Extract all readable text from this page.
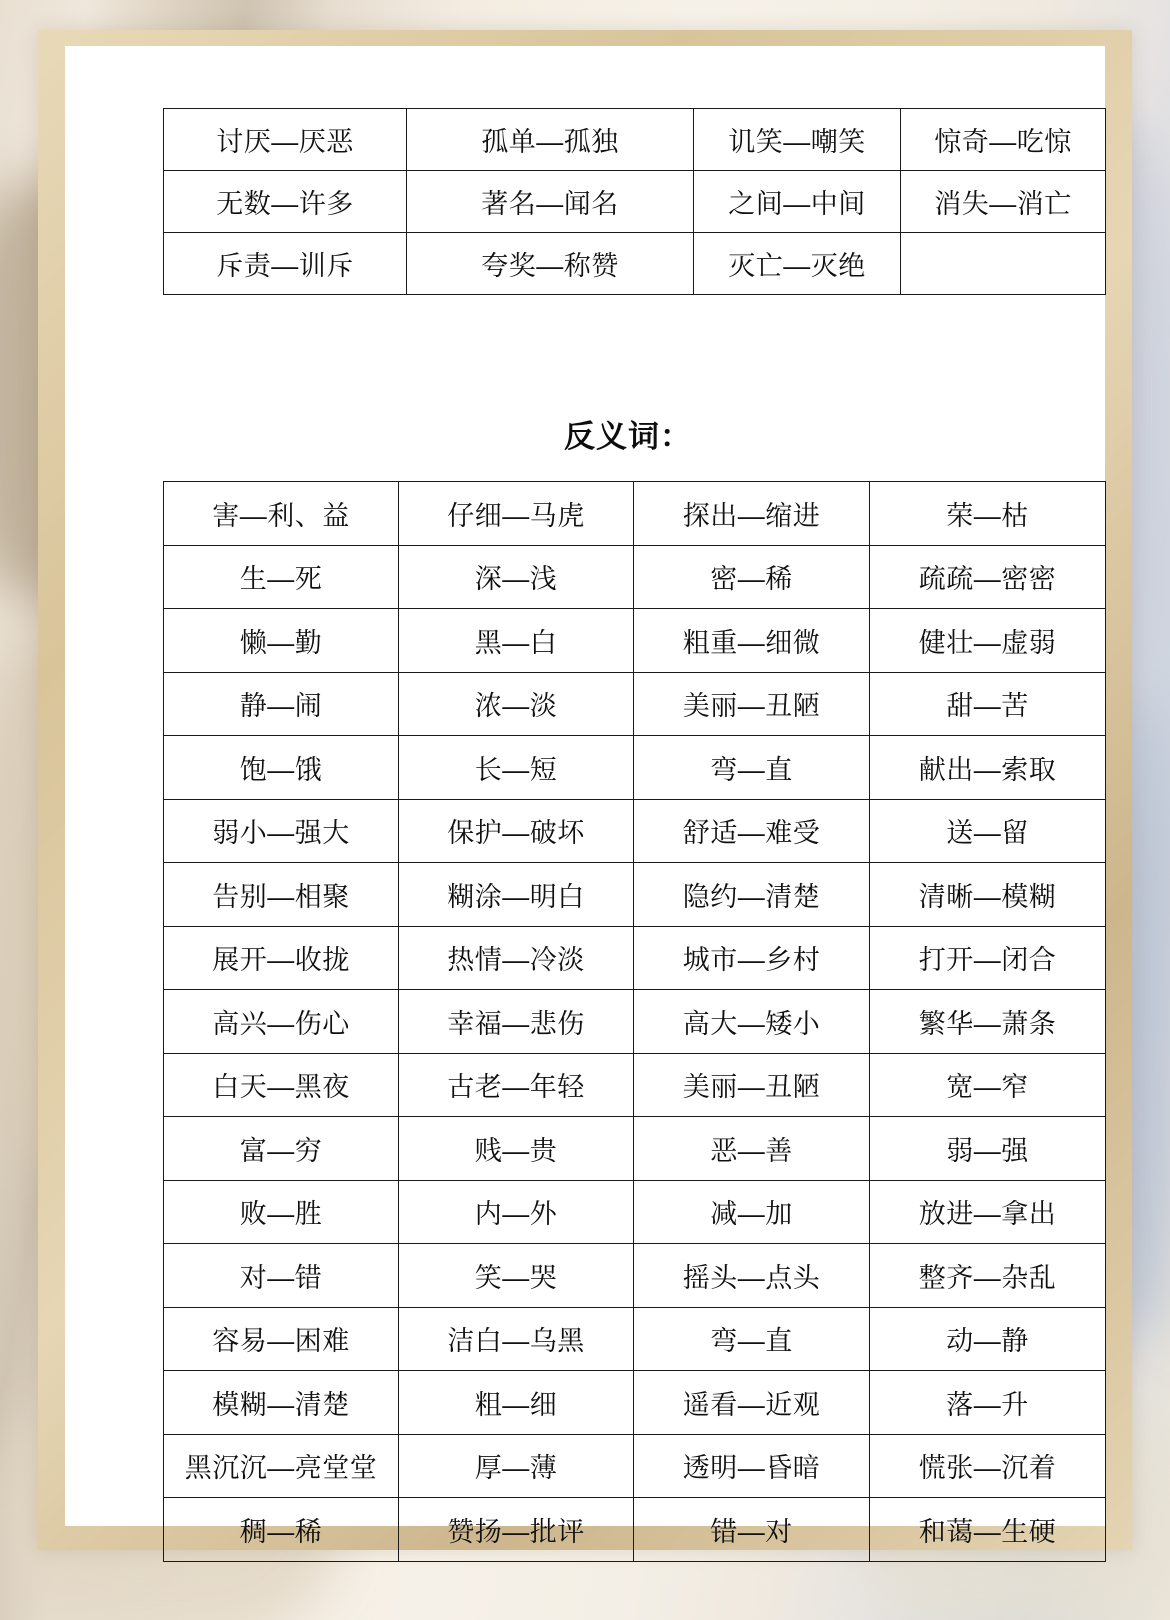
讨厌—厌恶	孤单—孤独	讥笑—嘲笑	惊奇—吃惊
无数—许多	著名—闻名	之间—中间	消失—消亡
斥责—训斥	夸奖—称赞	灭亡—灭绝	
反义词：
害—利、益	仔细—马虎	探出—缩进	荣—枯
生—死	深—浅	密—稀	疏疏—密密
懒—勤	黑—白	粗重—细微	健壮—虚弱
静—闹	浓—淡	美丽—丑陋	甜—苦
饱—饿	长—短	弯—直	献出—索取
弱小—强大	保护—破坏	舒适—难受	送—留
告别—相聚	糊涂—明白	隐约—清楚	清晰—模糊
展开—收拢	热情—冷淡	城市—乡村	打开—闭合
高兴—伤心	幸福—悲伤	高大—矮小	繁华—萧条
白天—黑夜	古老—年轻	美丽—丑陋	宽—窄
富—穷	贱—贵	恶—善	弱—强
败—胜	内—外	减—加	放进—拿出
对—错	笑—哭	摇头—点头	整齐—杂乱
容易—困难	洁白—乌黑	弯—直	动—静
模糊—清楚	粗—细	遥看—近观	落—升
黑沉沉—亮堂堂	厚—薄	透明—昏暗	慌张—沉着
稠—稀	赞扬—批评	错—对	和蔼—生硬
